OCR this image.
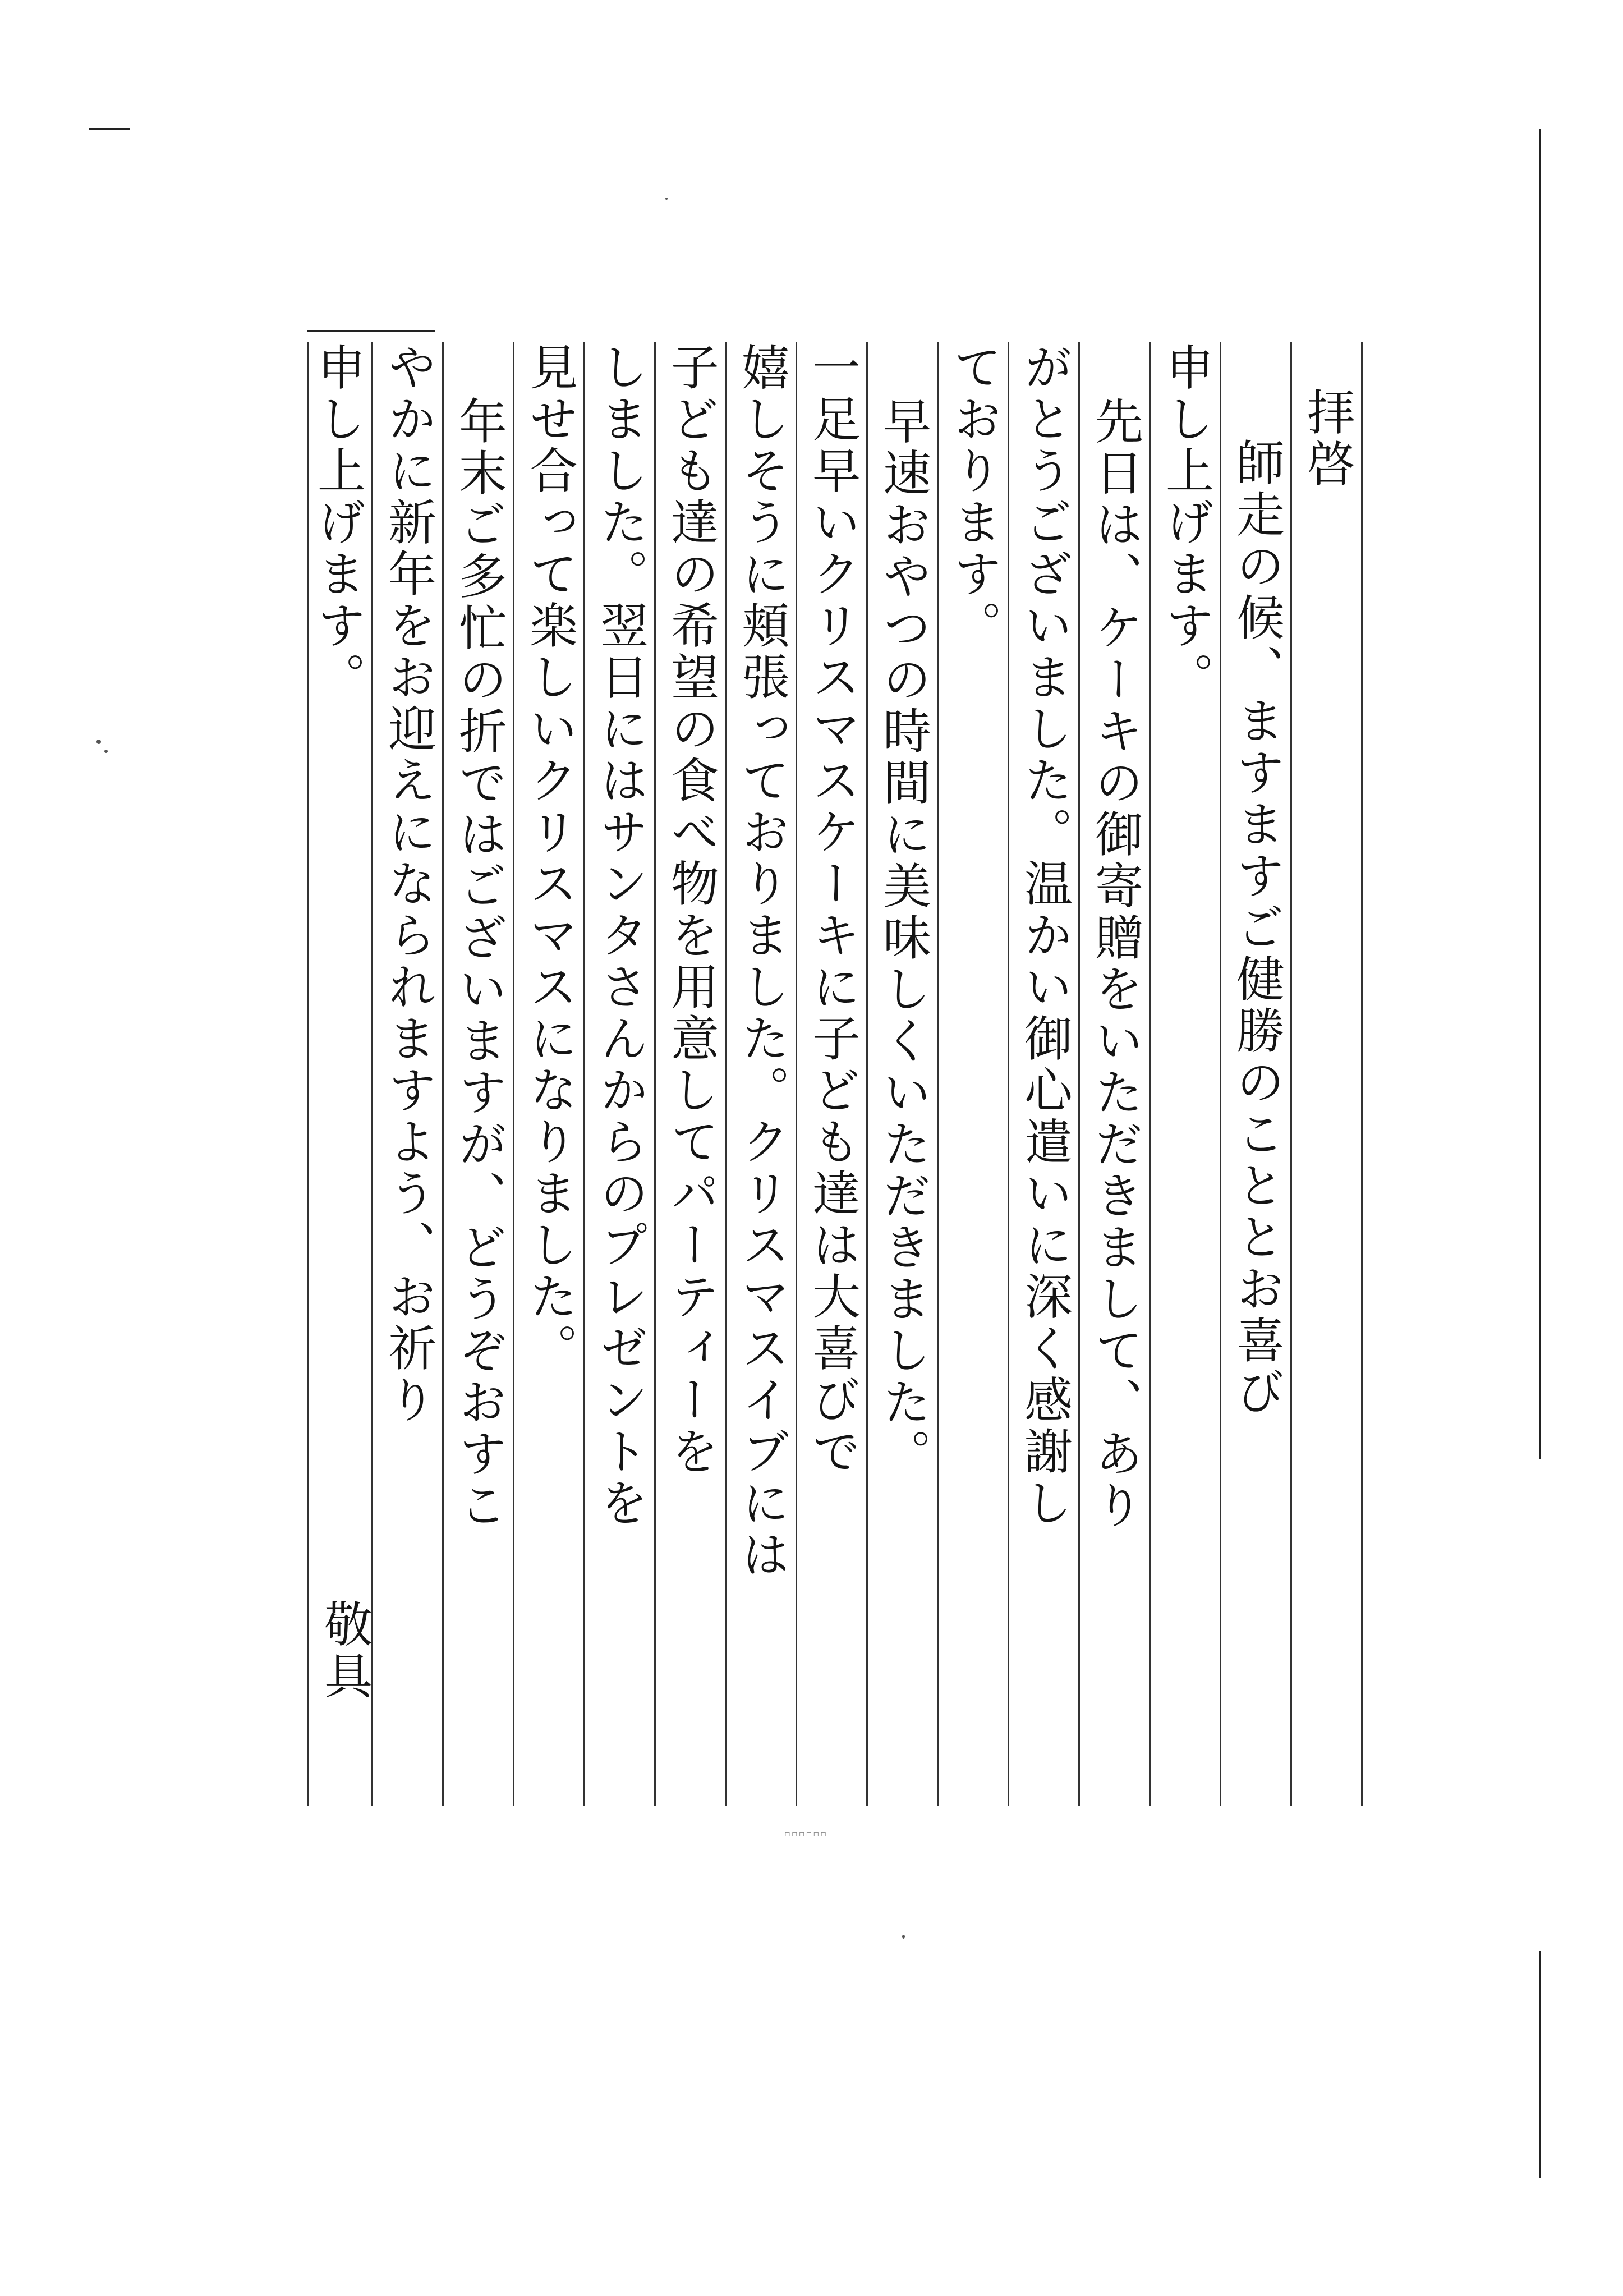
▫▫▫▫▫▫
拝啓
師走の候、ますますご健勝のこととお喜び
申し上げます。
先日は、ケーキの御寄贈をいただきまして、あり
がとうございました。温かい御心遣いに深く感謝し
ております。
早速おやつの時間に美味しくいただきました。
一足早いクリスマスケーキに子ども達は大喜びで
嬉しそうに頬張っておりました。クリスマスイブには
子ども達の希望の食べ物を用意してパーティーを
しました。翌日にはサンタさんからのプレゼントを
見せ合って楽しいクリスマスになりました。
年末ご多忙の折ではございますが、どうぞおすこ
やかに新年をお迎えになられますよう、お祈り
申し上げます。
敬具
